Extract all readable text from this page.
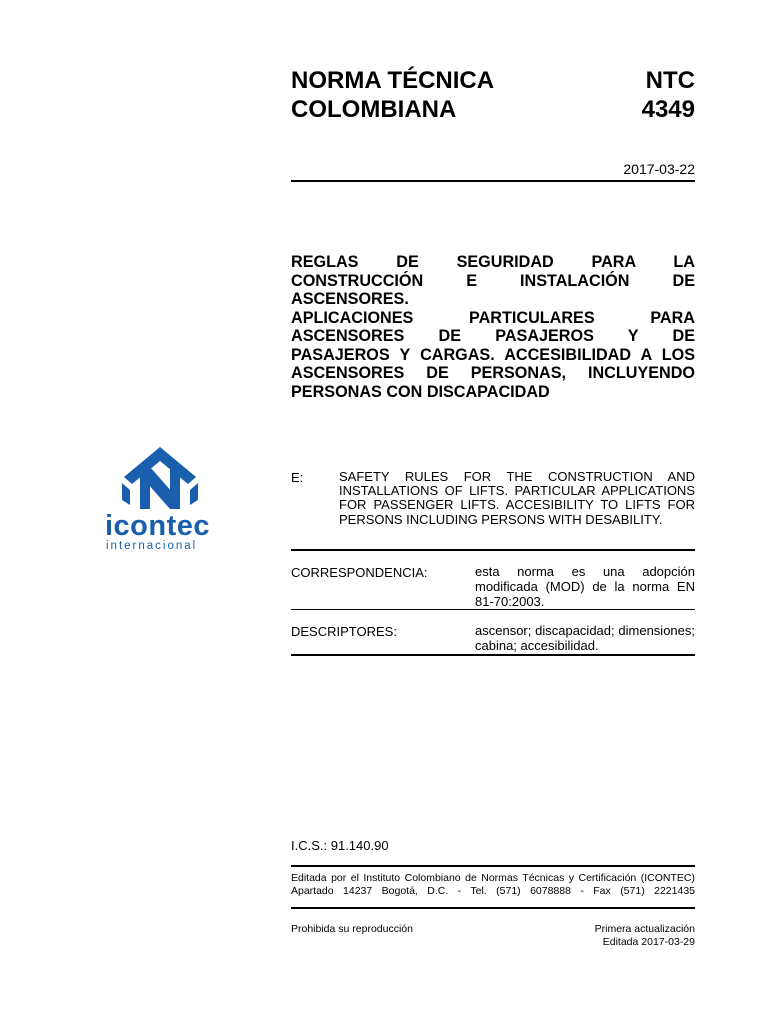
NORMA TÉCNICA	NTC
COLOMBIANA	4349
2017-03-22
REGLAS DE SEGURIDAD PARA LA
CONSTRUCCIÓN E INSTALACIÓN DE
ASCENSORES.
APLICACIONES PARTICULARES PARA
ASCENSORES DE PASAJEROS Y DE
PASAJEROS Y CARGAS. ACCESIBILIDAD A LOS
ASCENSORES DE PERSONAS, INCLUYENDO
PERSONAS CON DISCAPACIDAD
icontec
internacional
E:	SAFETY RULES FOR THE CONSTRUCTION AND
INSTALLATIONS OF LIFTS. PARTICULAR APPLICATIONS
FOR PASSENGER LIFTS. ACCESIBILITY TO LIFTS FOR
PERSONS INCLUDING PERSONS WITH DESABILITY.
CORRESPONDENCIA:	esta norma es una adopción
modificada (MOD) de la norma EN
81-70:2003.
DESCRIPTORES:	ascensor; discapacidad; dimensiones;
cabina; accesibilidad.
I.C.S.: 91.140.90
Editada por el Instituto Colombiano de Normas Técnicas y Certificación (ICONTEC)
Apartado 14237 Bogotá, D.C. - Tel. (571) 6078888 - Fax (571) 2221435
Prohibida su reproducción	Primera actualización
Editada 2017-03-29
